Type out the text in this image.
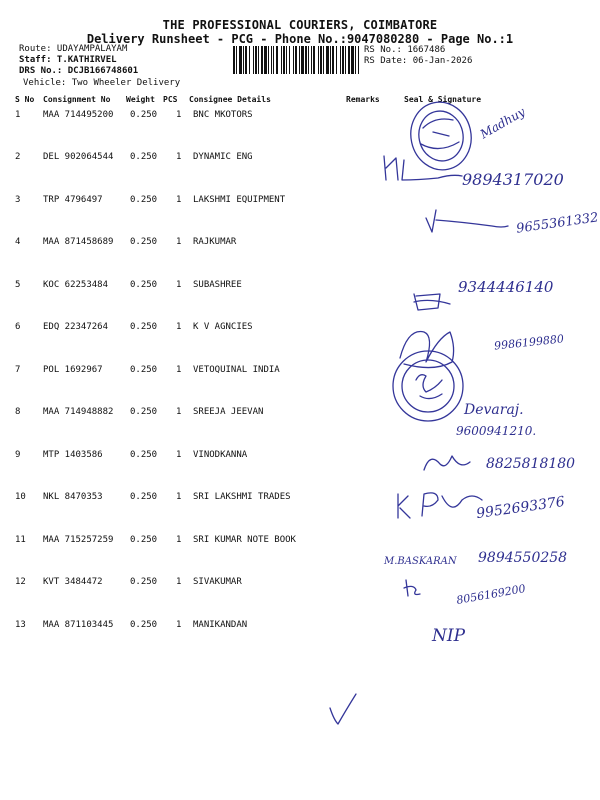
THE PROFESSIONAL COURIERS, COIMBATORE
Delivery Runsheet - PCG - Phone No.:9047080280 - Page No.:1
Route: UDAYAMPALAYAM
Staff: T.KATHIRVEL
DRS No.: DCJB166748601
Vehicle: Two Wheeler Delivery
RS No.: 1667486
RS Date: 06-Jan-2026
S No Consignment No Weight PCS Consignee Details	Remarks	Seal & Signature
1	MAA 714495200 0.250 1 BNC MKOTORS
2	DEL 902064544 0.250 1 DYNAMIC ENG
3	TRP 4796497	0.250 1 LAKSHMI EQUIPMENT
4	MAA 871458689 0.250 1 RAJKUMAR
5	KOC 62253484 0.250 1 SUBASHREE
6	EDQ 22347264 0.250 1 K V AGNCIES
7	POL 1692967	0.250 1 VETOQUINAL INDIA
8	MAA 714948882 0.250 1 SREEJA JEEVAN
9	MTP 1403586	0.250 1 VINODKANNA
10 NKL 8470353	0.250 1 SRI LAKSHMI TRADES
11 MAA 715257259 0.250 1 SRI KUMAR NOTE BOOK
12 KVT 3484472	0.250 1 SIVAKUMAR
13 MAA 871103445 0.250 1 MANIKANDAN
Madhuy
9894317020
9655361332
9344446140
9986199880
Devaraj.
9600941210.
8825818180
9952693376
M.BASKARAN 9894550258
8056169200
NIP
